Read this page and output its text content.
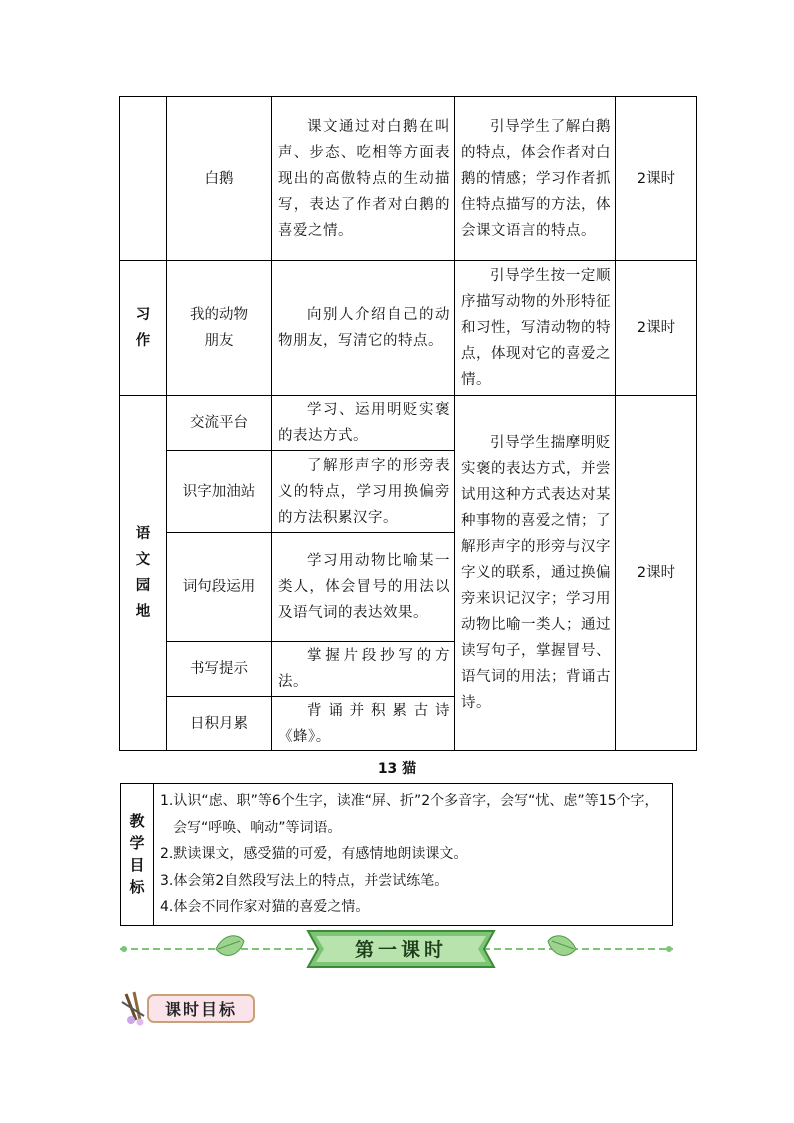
	白鹅	课文通过对白鹅在叫声、步态、吃相等方面表现出的高傲特点的生动描写，表达了作者对白鹅的喜爱之情。	引导学生了解白鹅的特点，体会作者对白鹅的情感；学习作者抓住特点描写的方法，体会课文语言的特点。	2课时

习作	我的动物
朋友	向别人介绍自己的动物朋友，写清它的特点。	引导学生按一定顺序描写动物的外形特征和习性，写清动物的特点，体现对它的喜爱之情。	2课时

语文园地	交流平台	学习、运用明贬实褒的表达方式。	引导学生揣摩明贬实褒的表达方式，并尝试用这种方式表达对某种事物的喜爱之情；了解形声字的形旁与汉字字义的联系，通过换偏旁来识记汉字；学习用动物比喻一类人；通过读写句子，掌握冒号、语气词的用法；背诵古诗。	2课时
	识字加油站	了解形声字的形旁表义的特点，学习用换偏旁的方法积累汉字。		

	词句段运用	学习用动物比喻某一类人，体会冒号的用法以及语气词的表达效果。		

	书写提示	掌握片段抄写的方法。		

	日积月累	背诵并积累古诗《蜂》。		
13 猫
教学目标

1.认识“虑、职”等6个生字，读准“屏、折”2个多音字，会写“忧、虑”等15个字，会写“呼唤、响动”等词语。
2.默读课文，感受猫的可爱，有感情地朗读课文。
3.体会第2自然段写法上的特点，并尝试练笔。
4.体会不同作家对猫的喜爱之情。
第一课时
课时目标
